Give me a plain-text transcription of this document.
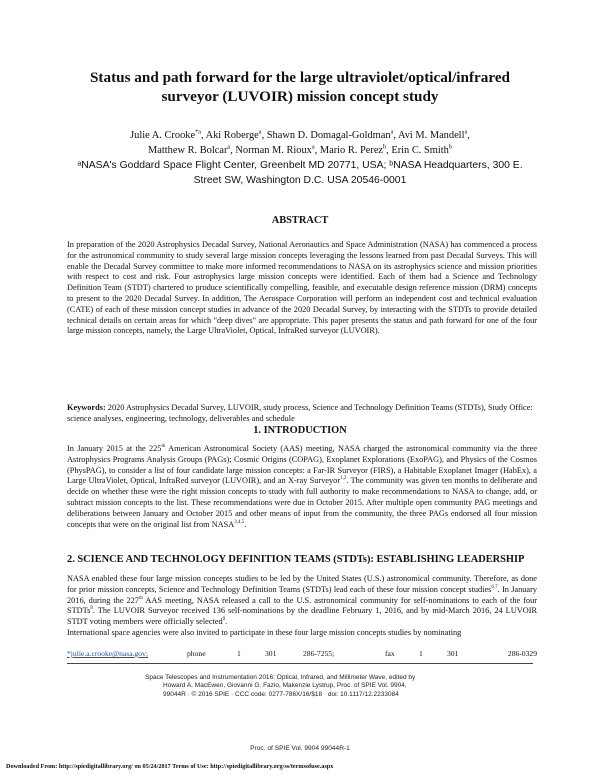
Status and path forward for the large ultraviolet/optical/infrared
surveyor (LUVOIR) mission concept study
Julie A. Crooke$^{*a}$, Aki Roberge$^a$, Shawn D. Domagal-Goldman$^a$, Avi M. Mandell$^a$,
Matthew R. Bolcar$^a$, Norman M. Rioux$^a$, Mario R. Perez$^b$, Erin C. Smith$^b$
ᵃNASA's Goddard Space Flight Center, Greenbelt MD 20771, USA; ᵇNASA Headquarters, 300 E.
Street SW, Washington D.C. USA 20546-0001
ABSTRACT

In preparation of the 2020 Astrophysics Decadal Survey, National Aeronautics and Space Administration (NASA) has commenced a process for the astronomical community to study several large mission concepts leveraging the lessons learned from past Decadal Surveys. This will enable the Decadal Survey committee to make more informed recommendations to NASA on its astrophysics science and mission priorities with respect to cost and risk. Four astrophysics large mission concepts were identified. Each of them had a Science and Technology Definition Team (STDT) chartered to produce scientifically compelling, feasible, and executable design reference mission (DRM) concepts to present to the 2020 Decadal Survey. In addition, The Aerospace Corporation will perform an independent cost and technical evaluation (CATE) of each of these mission concept studies in advance of the 2020 Decadal Survey, by interacting with the STDTs to provide detailed technical details on certain areas for which "deep dives" are appropriate. This paper presents the status and path forward for one of the four large mission concepts, namely, the Large UltraViolet, Optical, InfraRed surveyor (LUVOIR).

Keywords: 2020 Astrophysics Decadal Survey, LUVOIR, study process, Science and Technology Definition Teams (STDTs), Study Office: science analyses, engineering, technology, deliverables and schedule
1. INTRODUCTION

In January 2015 at the 225th American Astronomical Society (AAS) meeting, NASA charged the astronomical community via the three Astrophysics Programs Analysis Groups (PAGs); Cosmic Origins (COPAG), Exoplanet Explorations (ExoPAG), and Physics of the Cosmos (PhysPAG), to consider a list of four candidate large mission concepts: a Far-IR Surveyor (FIRS), a Habitable Exoplanet Imager (HabEx), a Large UltraViolet, Optical, InfraRed surveyor (LUVOIR), and an X-ray Surveyor$^{1,2}$. The community was given ten months to deliberate and decide on whether these were the right mission concepts to study with full authority to make recommendations to NASA to change, add, or subtract mission concepts to the list. These recommendations were due in October 2015. After multiple open community PAG meetings and deliberations between January and October 2015 and other means of input from the community, the three PAGs endorsed all four mission concepts that were on the original list from NASA$^{3,4,5}$.

2. SCIENCE AND TECHNOLOGY DEFINITION TEAMS (STDTs): ESTABLISHING LEADERSHIP

NASA enabled these four large mission concepts studies to be led by the United States (U.S.) astronomical community. Therefore, as done for prior mission concepts, Science and Technology Definition Teams (STDTs) lead each of these four mission concept studies$^{6,7}$. In January 2016, during the 227th AAS meeting, NASA released a call to the U.S. astronomical community for self-nominations to each of the four STDTs$^8$. The LUVOIR Surveyor received 136 self-nominations by the deadline February 1, 2016, and by mid-March 2016, 24 LUVOIR STDT voting members were officially selected$^9$.

International space agencies were also invited to participate in these four large mission concepts studies by nominating

*julie.a.crooke@nasa.gov;	phone	1	301	286-7255;	fax	1	301	286-0329
Space Telescopes and Instrumentation 2016: Optical, Infrared, and Millimeter Wave, edited by
Howard A. MacEwen, Giovanni G. Fazio, Makenzie Lystrup, Proc. of SPIE Vol. 9904,
99044R · © 2016 SPIE · CCC code: 0277-786X/16/$18 · doi: 10.1117/12.2233084
Proc. of SPIE Vol. 9904 99044R-1
Downloaded From: http://spiedigitallibrary.org/ on 05/24/2017 Terms of Use: http://spiedigitallibrary.org/ss/termsofuse.aspx
